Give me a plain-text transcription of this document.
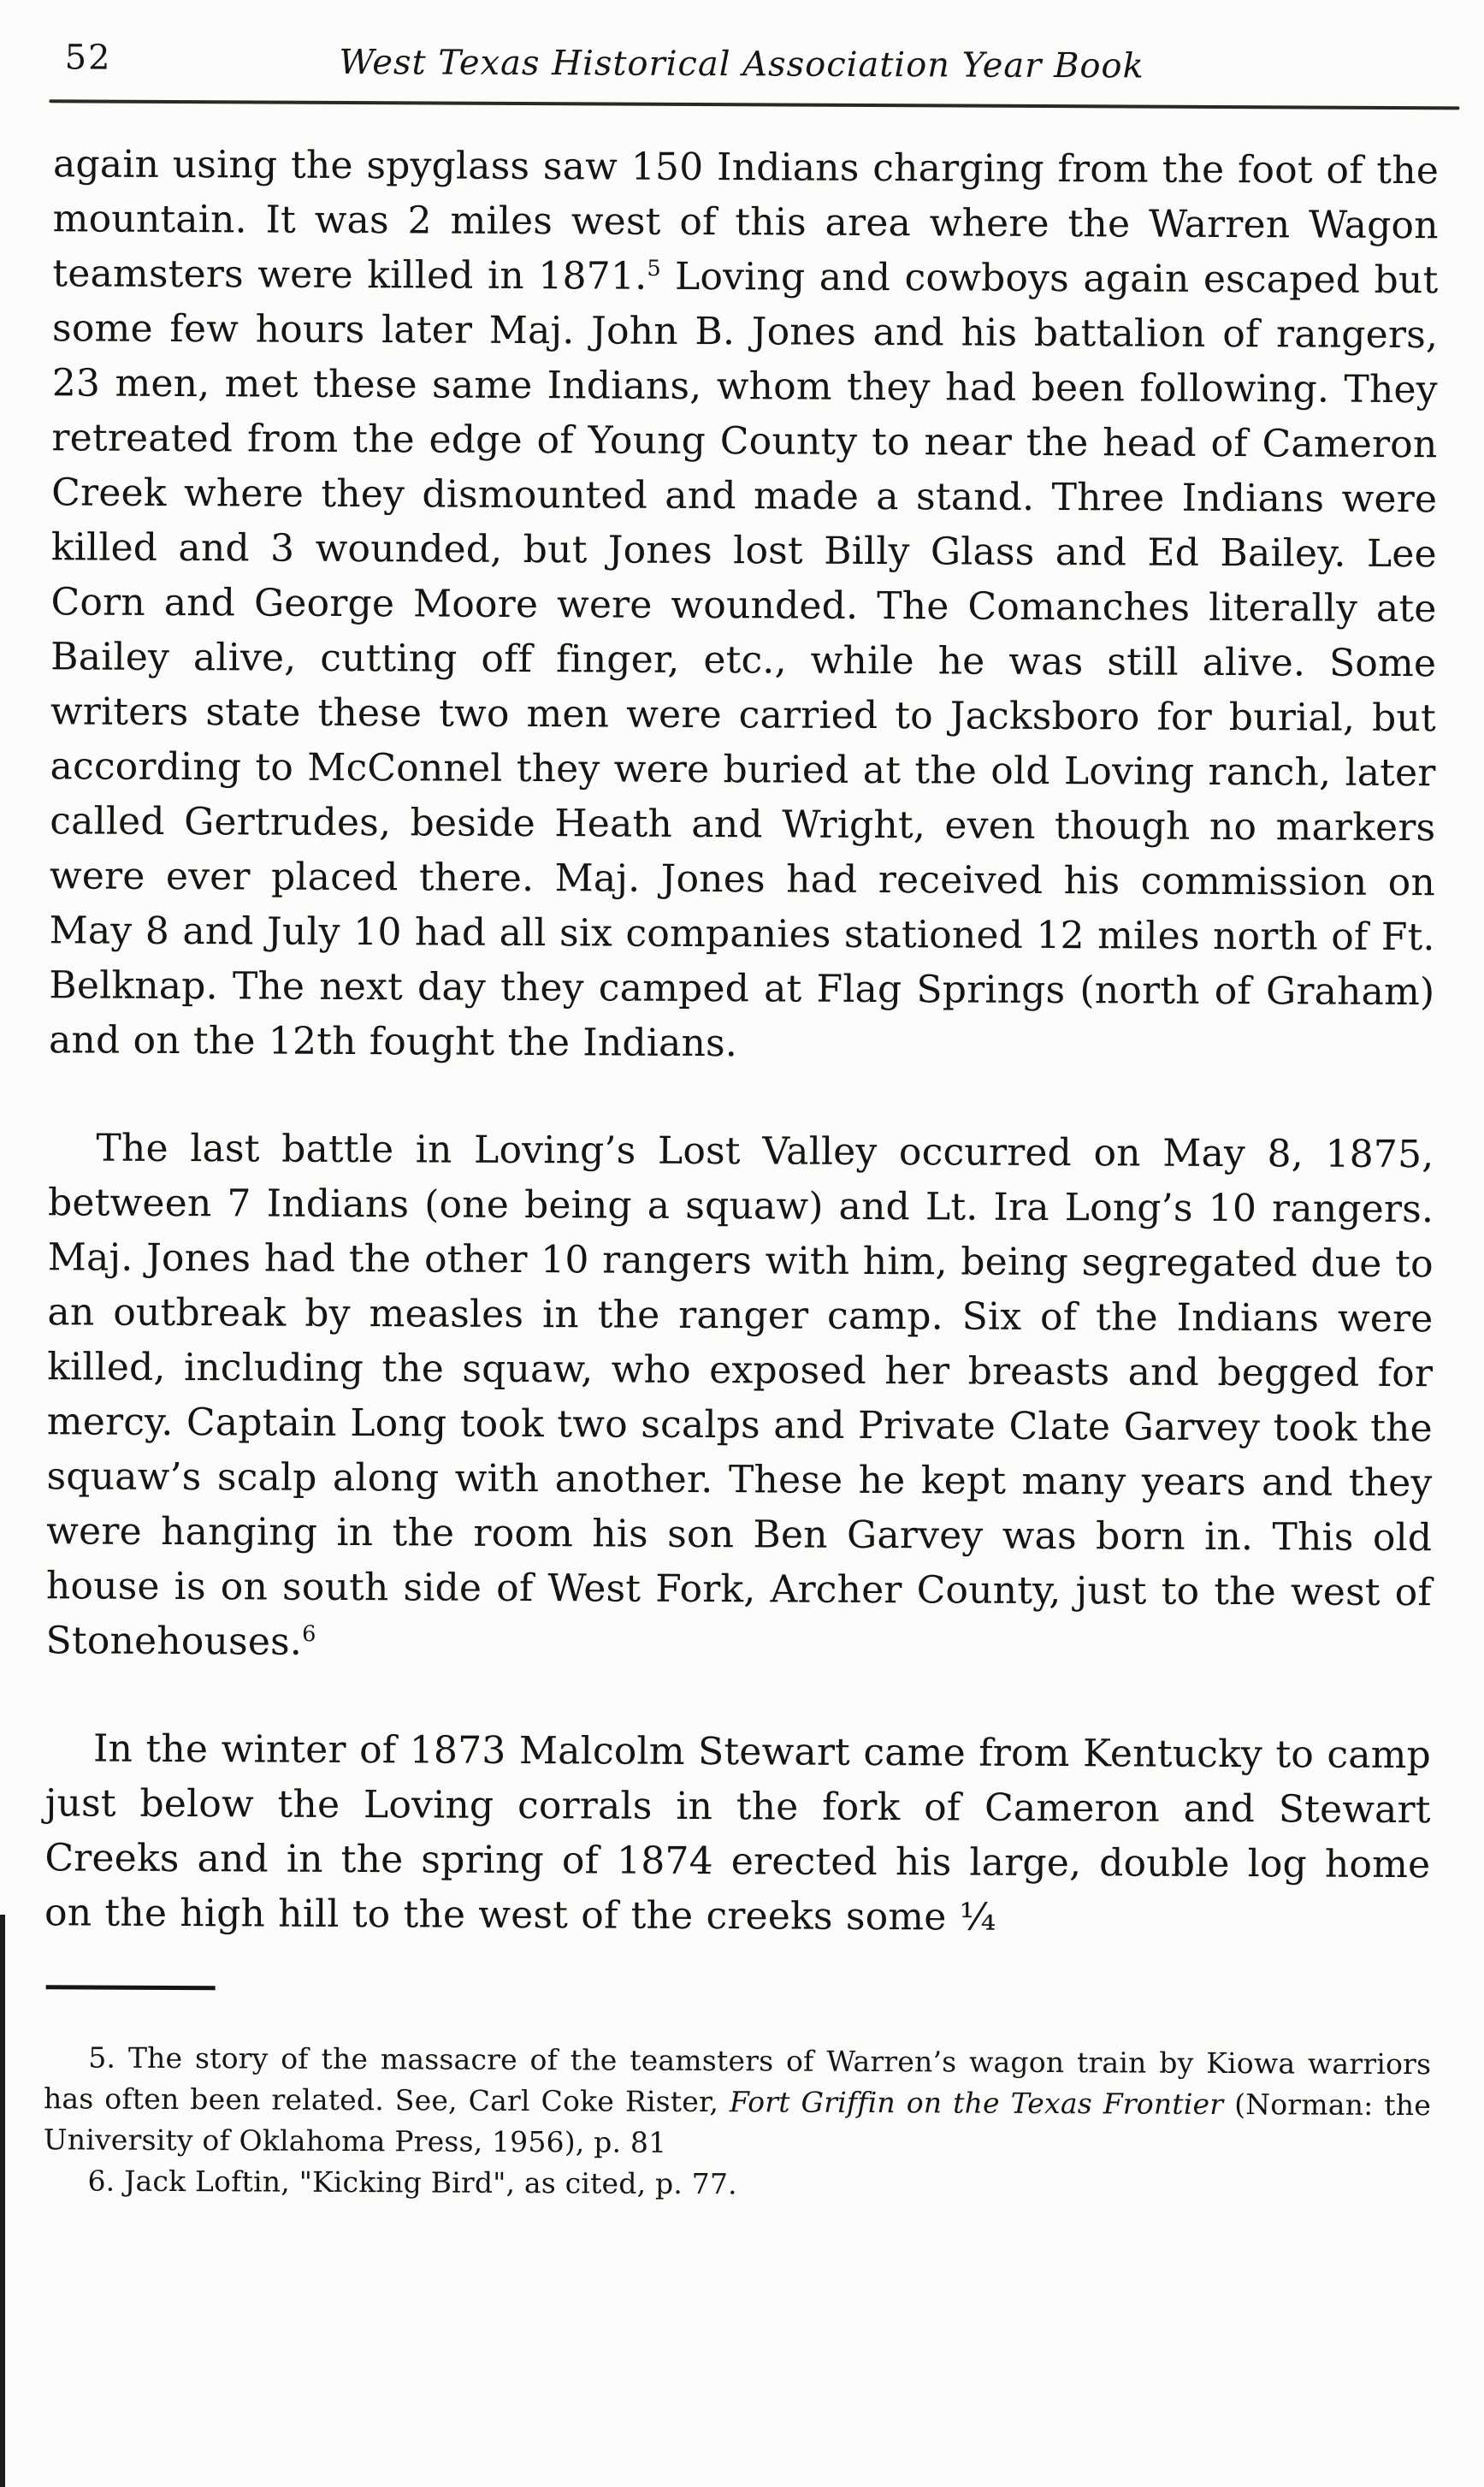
52	West Texas Historical Association Year Book

again using the spyglass saw 150 Indians charging from the foot of the mountain. It was 2 miles west of this area where the Warren Wagon teamsters were killed in 1871.$^5$ Loving and cowboys again escaped but some few hours later Maj. John B. Jones and his battalion of rangers, 23 men, met these same Indians, whom they had been following. They retreated from the edge of Young County to near the head of Cameron Creek where they dismounted and made a stand. Three Indians were killed and 3 wounded, but Jones lost Billy Glass and Ed Bailey. Lee Corn and George Moore were wounded. The Comanches literally ate Bailey alive, cutting off finger, etc., while he was still alive. Some writers state these two men were carried to Jacksboro for burial, but according to McConnel they were buried at the old Loving ranch, later called Gertrudes, beside Heath and Wright, even though no markers were ever placed there. Maj. Jones had received his commission on May 8 and July 10 had all six companies stationed 12 miles north of Ft. Belknap. The next day they camped at Flag Springs (north of Graham) and on the 12th fought the Indians.

The last battle in Loving’s Lost Valley occurred on May 8, 1875, between 7 Indians (one being a squaw) and Lt. Ira Long’s 10 rangers. Maj. Jones had the other 10 rangers with him, being segregated due to an outbreak by measles in the ranger camp. Six of the Indians were killed, including the squaw, who exposed her breasts and begged for mercy. Captain Long took two scalps and Private Clate Garvey took the squaw’s scalp along with another. These he kept many years and they were hanging in the room his son Ben Garvey was born in. This old house is on south side of West Fork, Archer County, just to the west of Stonehouses.$^6$

In the winter of 1873 Malcolm Stewart came from Kentucky to camp just below the Loving corrals in the fork of Cameron and Stewart Creeks and in the spring of 1874 erected his large, double log home on the high hill to the west of the creeks some ¼

5. The story of the massacre of the teamsters of Warren’s wagon train by Kiowa warriors has often been related. See, Carl Coke Rister, Fort Griffin on the Texas Frontier (Norman: the University of Oklahoma Press, 1956), p. 81

6. Jack Loftin, "Kicking Bird", as cited, p. 77.
